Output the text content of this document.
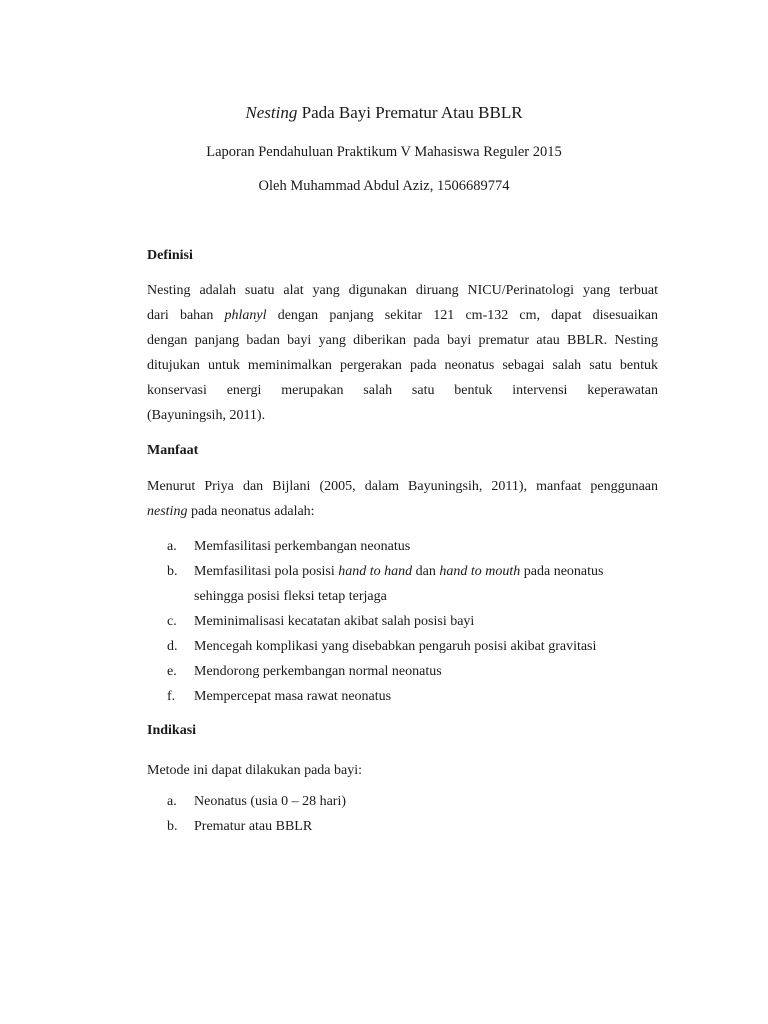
Nesting Pada Bayi Prematur Atau BBLR
Laporan Pendahuluan Praktikum V Mahasiswa Reguler 2015
Oleh Muhammad Abdul Aziz, 1506689774
Definisi
Nesting adalah suatu alat yang digunakan diruang NICU/Perinatologi yang terbuat
dari bahan phlanyl dengan panjang sekitar 121 cm-132 cm, dapat disesuaikan
dengan panjang badan bayi yang diberikan pada bayi prematur atau BBLR. Nesting
ditujukan untuk meminimalkan pergerakan pada neonatus sebagai salah satu bentuk
konservasi energi merupakan salah satu bentuk intervensi keperawatan
(Bayuningsih, 2011).
Manfaat
Menurut Priya dan Bijlani (2005, dalam Bayuningsih, 2011), manfaat penggunaan
nesting pada neonatus adalah:
a. Memfasilitasi perkembangan neonatus
b. Memfasilitasi pola posisi hand to hand dan hand to mouth pada neonatus
sehingga posisi fleksi tetap terjaga
c. Meminimalisasi kecatatan akibat salah posisi bayi
d. Mencegah komplikasi yang disebabkan pengaruh posisi akibat gravitasi
e. Mendorong perkembangan normal neonatus
f. Mempercepat masa rawat neonatus
Indikasi
Metode ini dapat dilakukan pada bayi:
a. Neonatus (usia 0 – 28 hari)
b. Prematur atau BBLR
